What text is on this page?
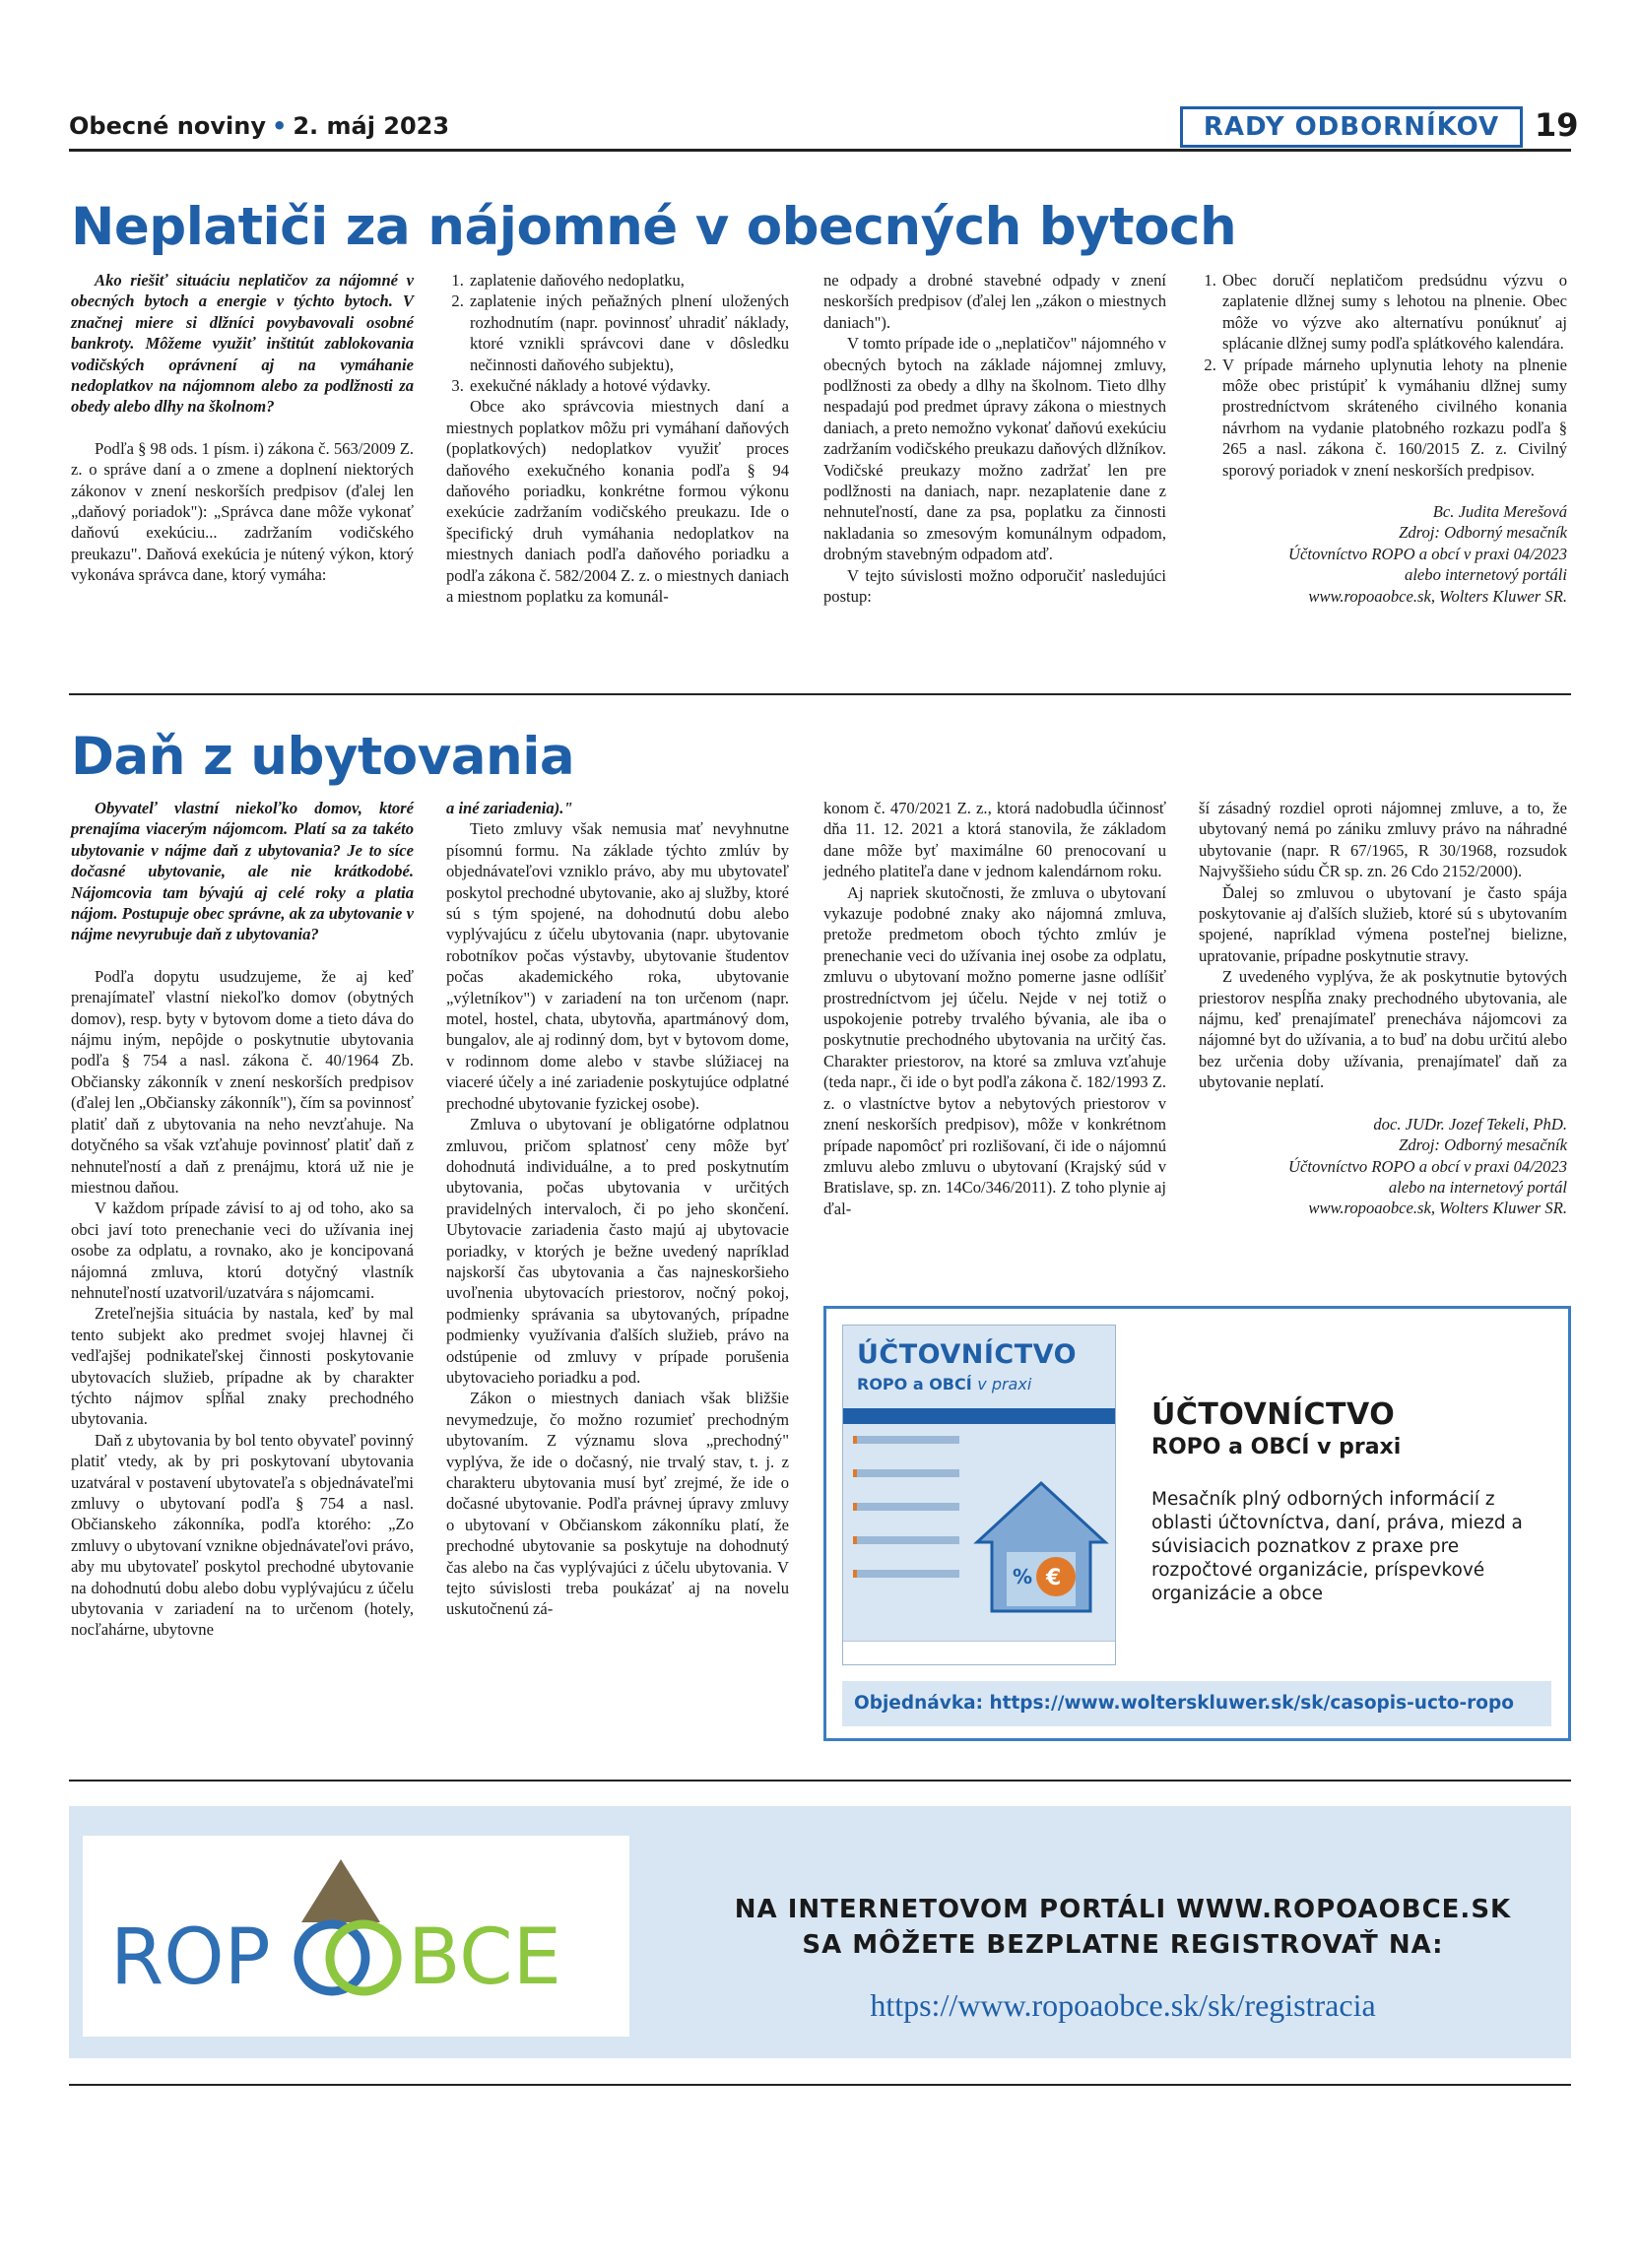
Obecné noviny • 2. máj 2023	RADY ODBORNÍKOV	19
Neplatiči za nájomné v obecných bytoch

Ako riešiť situáciu neplatičov za nájomné v obecných bytoch a energie v týchto bytoch. V značnej miere si dlžníci povybavovali osobné bankroty. Môžeme využiť inštitút zablokovania vodičských oprávnení aj na vymáhanie nedoplatkov na nájomnom alebo za podlžnosti za obedy alebo dlhy na školnom?

Podľa § 98 ods. 1 písm. i) zákona č. 563/2009 Z. z. o správe daní a o zmene a doplnení niektorých zákonov v znení neskorších predpisov (ďalej len „daňový poriadok"): „Správca dane môže vykonať daňovú exekúciu... zadržaním vodičského preukazu". Daňová exekúcia je nútený výkon, ktorý vykonáva správca dane, ktorý vymáha:

1. zaplatenie daňového nedoplatku,
2. zaplatenie iných peňažných plnení uložených rozhodnutím (napr. povinnosť uhradiť náklady, ktoré vznikli správcovi dane v dôsledku nečinnosti daňového subjektu),
3. exekučné náklady a hotové výdavky.

Obce ako správcovia miestnych daní a miestnych poplatkov môžu pri vymáhaní daňových (poplatkových) nedoplatkov využiť proces daňového exekučného konania podľa § 94 daňového poriadku, konkrétne formou výkonu exekúcie zadržaním vodičského preukazu. Ide o špecifický druh vymáhania nedoplatkov na miestnych daniach podľa daňového poriadku a podľa zákona č. 582/2004 Z. z. o miestnych daniach a miestnom poplatku za komunál-

ne odpady a drobné stavebné odpady v znení neskorších predpisov (ďalej len „zákon o miestnych daniach").

V tomto prípade ide o „neplatičov" nájomného v obecných bytoch na základe nájomnej zmluvy, podlžnosti za obedy a dlhy na školnom. Tieto dlhy nespadajú pod predmet úpravy zákona o miestnych daniach, a preto nemožno vykonať daňovú exekúciu zadržaním vodičského preukazu daňových dlžníkov. Vodičské preukazy možno zadržať len pre podlžnosti na daniach, napr. nezaplatenie dane z nehnuteľností, dane za psa, poplatku za činnosti nakladania so zmesovým komunálnym odpadom, drobným stavebným odpadom atď.

V tejto súvislosti možno odporučiť nasledujúci postup:

1. Obec doručí neplatičom predsúdnu výzvu o zaplatenie dlžnej sumy s lehotou na plnenie. Obec môže vo výzve ako alternatívu ponúknuť aj splácanie dlžnej sumy podľa splátkového kalendára.
2. V prípade márneho uplynutia lehoty na plnenie môže obec pristúpiť k vymáhaniu dlžnej sumy prostredníctvom skráteného civilného konania návrhom na vydanie platobného rozkazu podľa § 265 a nasl. zákona č. 160/2015 Z. z. Civilný sporový poriadok v znení neskorších predpisov.

Bc. Judita Merešová

Zdroj: Odborný mesačník

Účtovníctvo ROPO a obcí v praxi 04/2023

alebo internetový portáli

www.ropoaobce.sk, Wolters Kluwer SR.

Daň z ubytovania

Obyvateľ vlastní niekoľko domov, ktoré prenajíma viacerým nájomcom. Platí sa za takéto ubytovanie v nájme daň z ubytovania? Je to síce dočasné ubytovanie, ale nie krátkodobé. Nájomcovia tam bývajú aj celé roky a platia nájom. Postupuje obec správne, ak za ubytovanie v nájme nevyrubuje daň z ubytovania?

Podľa dopytu usudzujeme, že aj keď prenajímateľ vlastní niekoľko domov (obytných domov), resp. byty v bytovom dome a tieto dáva do nájmu iným, nepôjde o poskytnutie ubytovania podľa § 754 a nasl. zákona č. 40/1964 Zb. Občiansky zákonník v znení neskorších predpisov (ďalej len „Občiansky zákonník"), čím sa povinnosť platiť daň z ubytovania na neho nevzťahuje. Na dotyčného sa však vzťahuje povinnosť platiť daň z nehnuteľností a daň z prenájmu, ktorá už nie je miestnou daňou.

V každom prípade závisí to aj od toho, ako sa obci javí toto prenechanie veci do užívania inej osobe za odplatu, a rovnako, ako je koncipovaná nájomná zmluva, ktorú dotyčný vlastník nehnuteľností uzatvoril/uzatvára s nájomcami.

Zreteľnejšia situácia by nastala, keď by mal tento subjekt ako predmet svojej hlavnej či vedľajšej podnikateľskej činnosti poskytovanie ubytovacích služieb, prípadne ak by charakter týchto nájmov spĺňal znaky prechodného ubytovania.

Daň z ubytovania by bol tento obyvateľ povinný platiť vtedy, ak by pri poskytovaní ubytovania uzatváral v postavení ubytovateľa s objednávateľmi zmluvy o ubytovaní podľa § 754 a nasl. Občianskeho zákonníka, podľa ktorého: „Zo zmluvy o ubytovaní vznikne objednávateľovi právo, aby mu ubytovateľ poskytol prechodné ubytovanie na dohodnutú dobu alebo dobu vyplývajúcu z účelu ubytovania v zariadení na to určenom (hotely, nocľahárne, ubytovne

a iné zariadenia)."

Tieto zmluvy však nemusia mať nevyhnutne písomnú formu. Na základe týchto zmlúv by objednávateľovi vzniklo právo, aby mu ubytovateľ poskytol prechodné ubytovanie, ako aj služby, ktoré sú s tým spojené, na dohodnutú dobu alebo vyplývajúcu z účelu ubytovania (napr. ubytovanie robotníkov počas výstavby, ubytovanie študentov počas akademického roka, ubytovanie „výletníkov") v zariadení na ton určenom (napr. motel, hostel, chata, ubytovňa, apartmánový dom, bungalov, ale aj rodinný dom, byt v bytovom dome, v rodinnom dome alebo v stavbe slúžiacej na viaceré účely a iné zariadenie poskytujúce odplatné prechodné ubytovanie fyzickej osobe).

Zmluva o ubytovaní je obligatórne odplatnou zmluvou, pričom splatnosť ceny môže byť dohodnutá individuálne, a to pred poskytnutím ubytovania, počas ubytovania v určitých pravidelných intervaloch, či po jeho skončení. Ubytovacie zariadenia často majú aj ubytovacie poriadky, v ktorých je bežne uvedený napríklad najskorší čas ubytovania a čas najneskoršieho uvoľnenia ubytovacích priestorov, nočný pokoj, podmienky správania sa ubytovaných, prípadne podmienky využívania ďalších služieb, právo na odstúpenie od zmluvy v prípade porušenia ubytovacieho poriadku a pod.

Zákon o miestnych daniach však bližšie nevymedzuje, čo možno rozumieť prechodným ubytovaním. Z významu slova „prechodný" vyplýva, že ide o dočasný, nie trvalý stav, t. j. z charakteru ubytovania musí byť zrejmé, že ide o dočasné ubytovanie. Podľa právnej úpravy zmluvy o ubytovaní v Občianskom zákonníku platí, že prechodné ubytovanie sa poskytuje na dohodnutý čas alebo na čas vyplývajúci z účelu ubytovania. V tejto súvislosti treba poukázať aj na novelu uskutočnenú zá-

konom č. 470/2021 Z. z., ktorá nadobudla účinnosť dňa 11. 12. 2021 a ktorá stanovila, že základom dane môže byť maximálne 60 prenocovaní u jedného platiteľa dane v jednom kalendárnom roku.

Aj napriek skutočnosti, že zmluva o ubytovaní vykazuje podobné znaky ako nájomná zmluva, pretože predmetom oboch týchto zmlúv je prenechanie veci do užívania inej osobe za odplatu, zmluvu o ubytovaní možno pomerne jasne odlíšiť prostredníctvom jej účelu. Nejde v nej totiž o uspokojenie potreby trvalého bývania, ale iba o poskytnutie prechodného ubytovania na určitý čas. Charakter priestorov, na ktoré sa zmluva vzťahuje (teda napr., či ide o byt podľa zákona č. 182/1993 Z. z. o vlastníctve bytov a nebytových priestorov v znení neskorších predpisov), môže v konkrétnom prípade napomôcť pri rozlišovaní, či ide o nájomnú zmluvu alebo zmluvu o ubytovaní (Krajský súd v Bratislave, sp. zn. 14Co/346/2011). Z toho plynie aj ďal-

ší zásadný rozdiel oproti nájomnej zmluve, a to, že ubytovaný nemá po zániku zmluvy právo na náhradné ubytovanie (napr. R 67/1965, R 30/1968, rozsudok Najvyššieho súdu ČR sp. zn. 26 Cdo 2152/2000).

Ďalej so zmluvou o ubytovaní je často spája poskytovanie aj ďalších služieb, ktoré sú s ubytovaním spojené, napríklad výmena posteľnej bielizne, upratovanie, prípadne poskytnutie stravy.

Z uvedeného vyplýva, že ak poskytnutie bytových priestorov nespĺňa znaky prechodného ubytovania, ale nájmu, keď prenajímateľ prenecháva nájomcovi za nájomné byt do užívania, a to buď na dobu určitú alebo bez určenia doby užívania, prenajímateľ daň za ubytovanie neplatí.

doc. JUDr. Jozef Tekeli, PhD.

Zdroj: Odborný mesačník

Účtovníctvo ROPO a obcí v praxi 04/2023

alebo na internetový portál

www.ropoaobce.sk, Wolters Kluwer SR.

ÚČTOVNÍCTVO
ROPO a OBCÍ v praxi
€
%
ÚČTOVNÍCTVO
ROPO a OBCÍ v praxi
Mesačník plný odborných informácií z oblasti účtovníctva, daní, práva, miezd a súvisiacich poznatkov z praxe pre rozpočtové organizácie, príspevkové organizácie a obce
Objednávka: https://www.wolterskluwer.sk/sk/casopis-ucto-ropo
ROP BCE
NA INTERNETOVOM PORTÁLI WWW.ROPOAOBCE.SK
SA MÔŽETE BEZPLATNE REGISTROVAŤ NA:
https://www.ropoaobce.sk/sk/registracia
